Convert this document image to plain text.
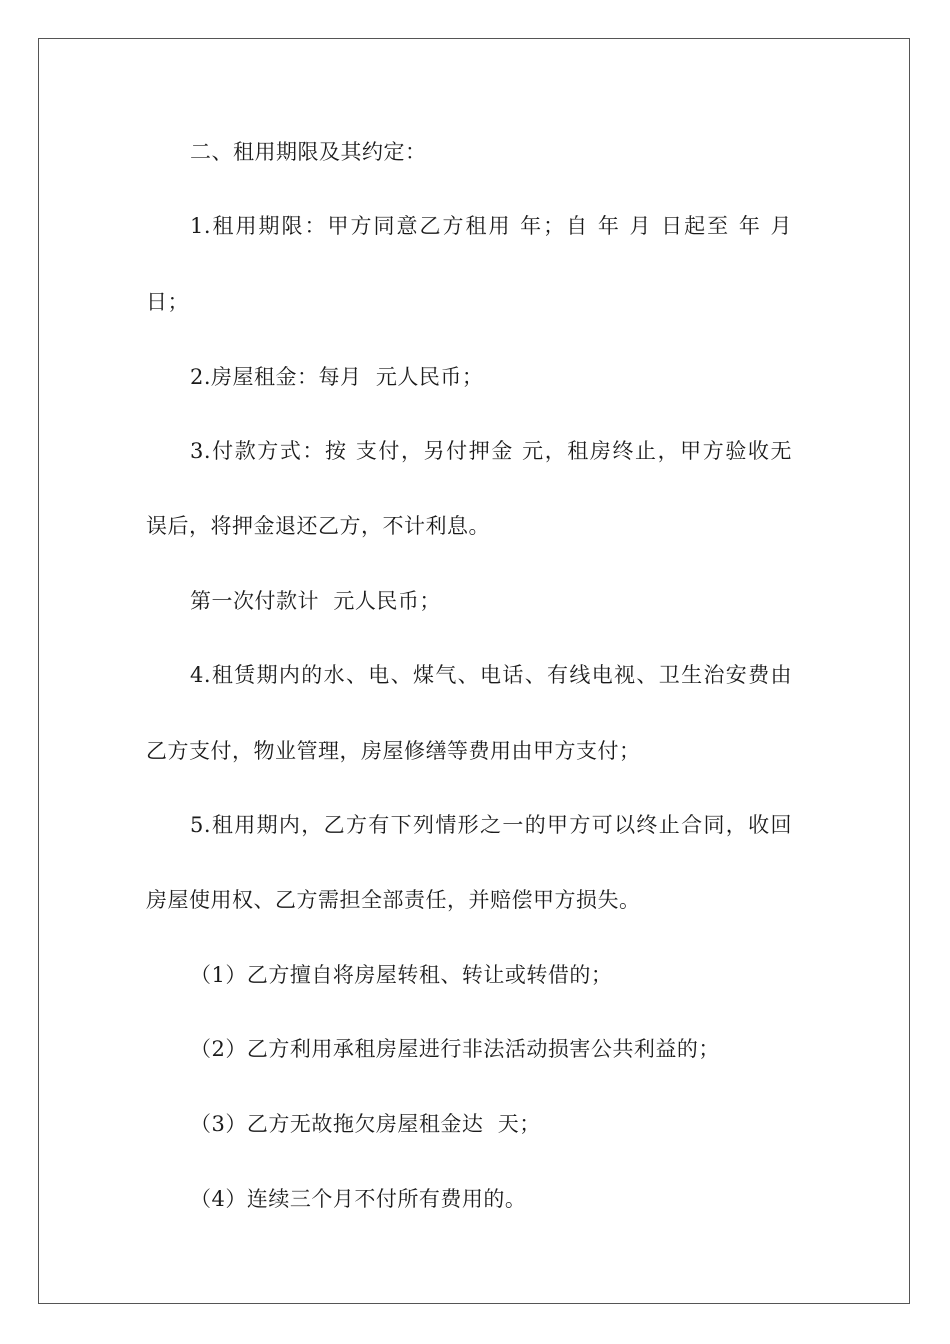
二、租用期限及其约定：
1.租用期限：甲方同意乙方租用 年；自 年 月 日起至 年 月
日；
2.房屋租金：每月  元人民币；
3.付款方式：按 支付，另付押金 元，租房终止，甲方验收无
误后，将押金退还乙方，不计利息。
第一次付款计  元人民币；
4.租赁期内的水、电、煤气、电话、有线电视、卫生治安费由
乙方支付，物业管理，房屋修缮等费用由甲方支付；
5.租用期内，乙方有下列情形之一的甲方可以终止合同，收回
房屋使用权、乙方需担全部责任，并赔偿甲方损失。
（1）乙方擅自将房屋转租、转让或转借的；
（2）乙方利用承租房屋进行非法活动损害公共利益的；
（3）乙方无故拖欠房屋租金达  天；
（4）连续三个月不付所有费用的。
